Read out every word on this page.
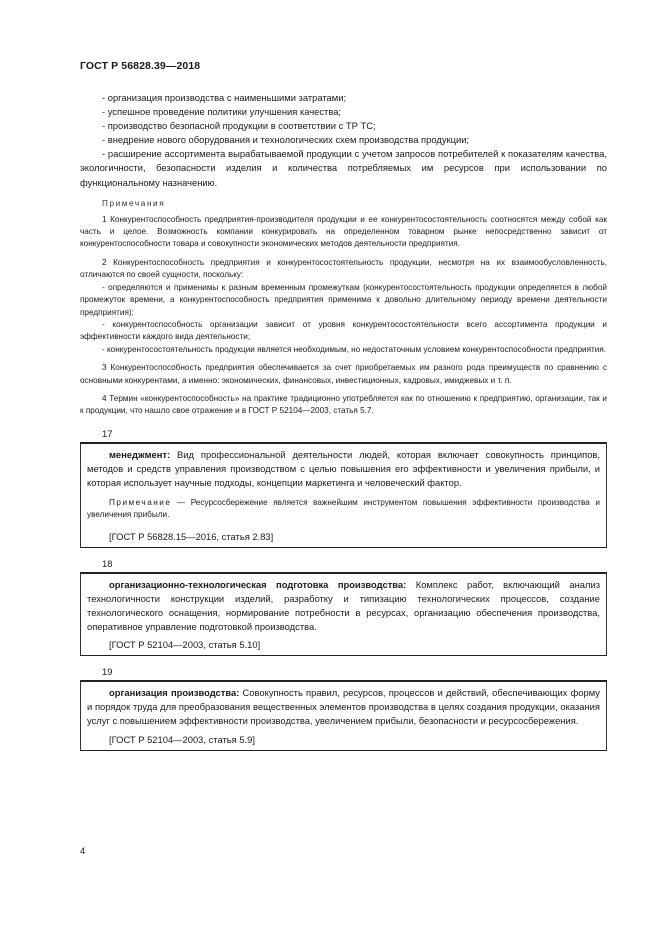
ГОСТ Р 56828.39—2018

- организация производства с наименьшими затратами;

- успешное проведение политики улучшения качества;

- производство безопасной продукции в соответствии с ТР ТС;

- внедрение нового оборудования и технологических схем производства продукции;

- расширение ассортимента вырабатываемой продукции с учетом запросов потребителей к показателям качества, экологичности, безопасности изделия и количества потребляемых им ресурсов при использовании по функциональному назначению.

Примечания

1 Конкурентоспособность предприятия-производителя продукции и ее конкурентосостоятельность соотносятся между собой как часть и целое. Возможность компании конкурировать на определенном товарном рынке непосредственно зависит от конкурентоспособности товара и совокупности экономических методов деятельности предприятия.

2 Конкурентоспособность предприятия и конкурентосостоятельность продукции, несмотря на их взаимообусловленность, отличаются по своей сущности, поскольку:

- определяются и применимы к разным временным промежуткам (конкурентосостоятельность продукции определяется в любой промежуток времени, а конкурентоспособность предприятия применима к довольно длительному периоду времени деятельности предприятия);

- конкурентоспособность организации зависит от уровня конкурентосостоятельности всего ассортимента продукции и эффективности каждого вида деятельности;

- конкурентосостоятельность продукции является необходимым, но недостаточным условием конкурентоспособности предприятия.

3 Конкурентоспособность предприятия обеспечивается за счет приобретаемых им разного рода преимуществ по сравнению с основными конкурентами, а именно: экономических, финансовых, инвестиционных, кадровых, имиджевых и т. п.

4 Термин «конкурентоспособность» на практике традиционно употребляется как по отношению к предприятию, организации, так и к продукции, что нашло свое отражение и в ГОСТ Р 52104—2003, статья 5.7.

17

менеджмент: Вид профессиональной деятельности людей, которая включает совокупность принципов, методов и средств управления производством с целью повышения его эффективности и увеличения прибыли, и которая использует научные подходы, концепции маркетинга и человеческий фактор.

Примечание — Ресурсосбережение является важнейшим инструментом повышения эффективности производства и увеличения прибыли.

[ГОСТ Р 56828.15—2016, статья 2.83]
18

организационно-технологическая подготовка производства: Комплекс работ, включающий анализ технологичности конструкции изделий, разработку и типизацию технологических процессов, создание технологического оснащения, нормирование потребности в ресурсах, организацию обеспечения производства, оперативное управление подготовкой производства.

[ГОСТ Р 52104—2003, статья 5.10]
19

организация производства: Совокупность правил, ресурсов, процессов и действий, обеспечивающих форму и порядок труда для преобразования вещественных элементов производства в целях создания продукции, оказания услуг с повышением эффективности производства, увеличением прибыли, безопасности и ресурсосбережения.

[ГОСТ Р 52104—2003, статья 5.9]
4
